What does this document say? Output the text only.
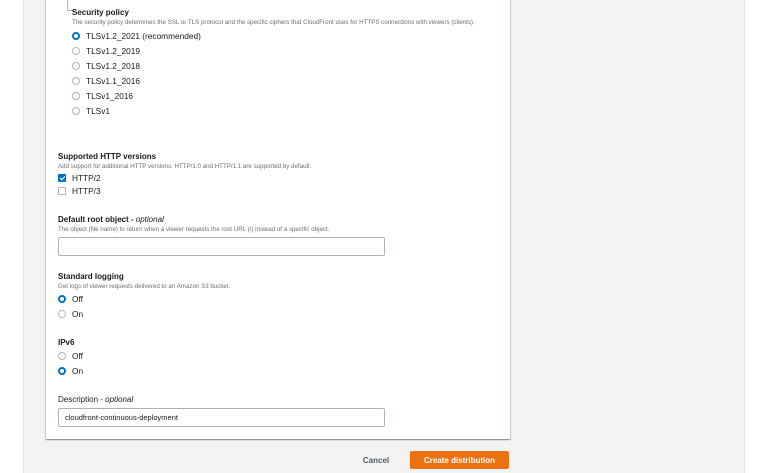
Security policy
The security policy determines the SSL or TLS protocol and the specific ciphers that CloudFront uses for HTTPS connections with viewers (clients).
TLSv1.2_2021 (recommended)
TLSv1.2_2019
TLSv1.2_2018
TLSv1.1_2016
TLSv1_2016
TLSv1
Supported HTTP versions
Add support for additional HTTP versions. HTTP/1.0 and HTTP/1.1 are supported by default.
HTTP/2
HTTP/3
Default root object - optional
The object (file name) to return when a viewer requests the root URL (/) instead of a specific object.
Standard logging
Get logs of viewer requests delivered to an Amazon S3 bucket.
Off
On
IPv6
Off
On
Description - optional
cloudfront-continuous-deployment
Cancel	Create distribution
